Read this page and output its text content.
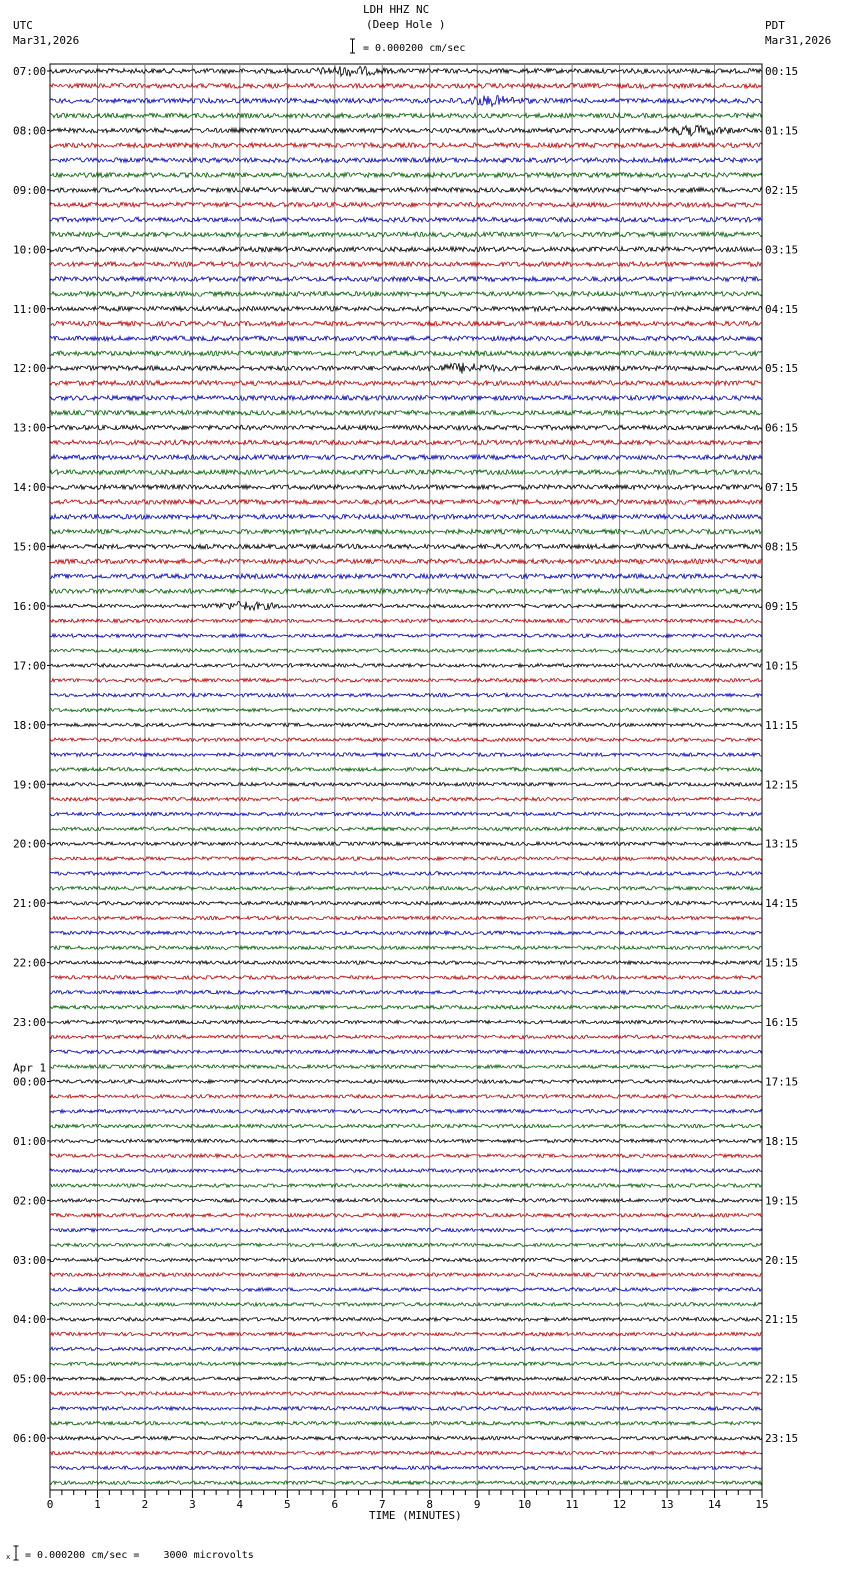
LDH HHZ NC
(Deep Hole )
UTC
Mar31,2026
PDT
Mar31,2026
= 0.000200 cm/sec
07:00	00:15
08:00	01:15
09:00	02:15
10:00	03:15
11:00	04:15
12:00	05:15
13:00	06:15
14:00	07:15
15:00	08:15
16:00	09:15
17:00	10:15
18:00	11:15
19:00	12:15
20:00	13:15
21:00	14:15
22:00	15:15
23:00	16:15
00:00	17:15
01:00	18:15
02:00	19:15
03:00	20:15
04:00	21:15
05:00	22:15
06:00	23:15
Apr 1
0	1	2	3	4	5	6	7	8	9	10	11	12	13	14	15
TIME (MINUTES)
x = 0.000200 cm/sec =    3000 microvolts
